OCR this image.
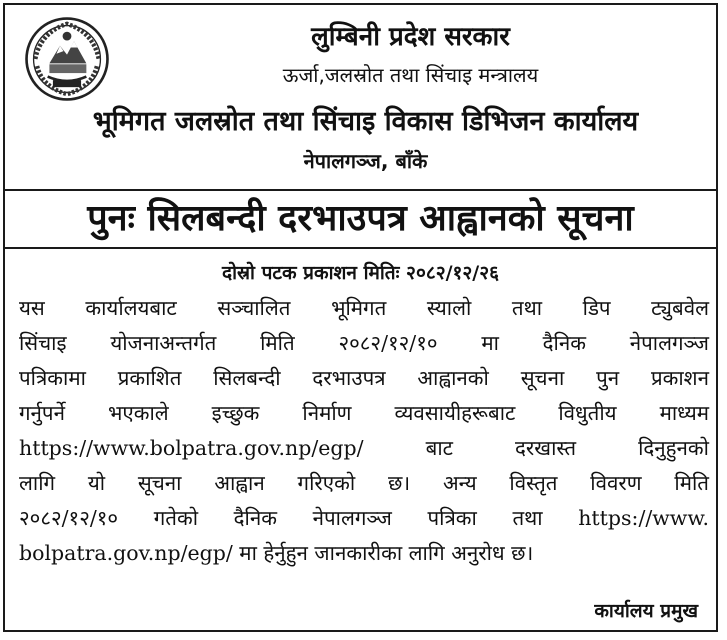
लुम्बिनी प्रदेश सरकार
ऊर्जा,जलस्रोत तथा सिंचाइ मन्त्रालय
भूमिगत जलस्रोत तथा सिंचाइ विकास डिभिजन कार्यालय
नेपालगञ्ज, बाँके
पुनः सिलबन्दी दरभाउपत्र आह्वानको सूचना
दोस्रो पटक प्रकाशन मितिः २०८२/१२/२६
यस कार्यालयबाट सञ्चालित भूमिगत स्यालो तथा डिप ट्युबवेल
सिंचाइ योजनाअन्तर्गत मिति २०८२/१२/१० मा दैनिक नेपालगञ्ज
पत्रिकामा प्रकाशित सिलबन्दी दरभाउपत्र आह्वानको सूचना पुन प्रकाशन
गर्नुपर्ने भएकाले इच्छुक निर्माण व्यवसायीहरूबाट विधुतीय माध्यम
https://www.bolpatra.gov.np/egp/ बाट दरखास्त दिनुहुनको
लागि यो सूचना आह्वान गरिएको छ। अन्य विस्तृत विवरण मिति
२०८२/१२/१० गतेको दैनिक नेपालगञ्ज पत्रिका तथा https://www.
bolpatra.gov.np/egp/ मा हेर्नुहुन जानकारीका लागि अनुरोध छ।
कार्यालय प्रमुख
